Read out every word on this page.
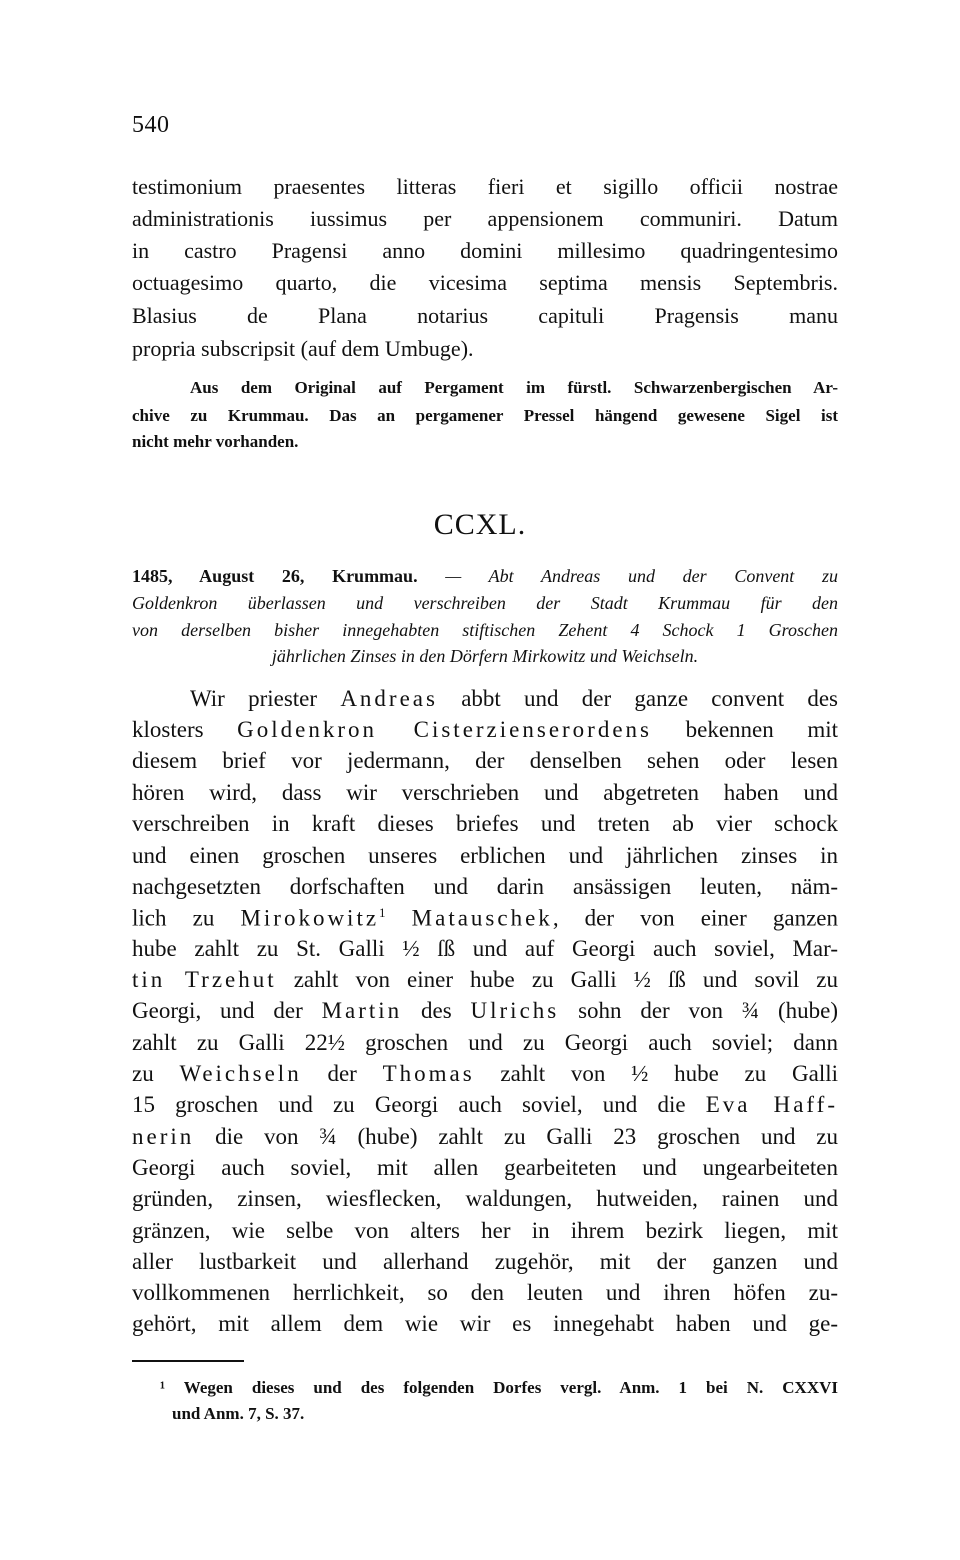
540
testimonium praesentes litteras fieri et sigillo officii nostrae
administrationis iussimus per appensionem communiri. Datum
in castro Pragensi anno domini millesimo quadringentesimo
octuagesimo quarto, die vicesima septima mensis Septembris.
Blasius de Plana notarius capituli Pragensis manu
propria subscripsit (auf dem Umbuge).
Aus dem Original auf Pergament im fürstl. Schwarzenbergischen Ar-
chive zu Krummau. Das an pergamener Pressel hängend gewesene Sigel ist
nicht mehr vorhanden.
CCXL.
1485, August 26, Krummau. — Abt Andreas und der Convent zu
Goldenkron überlassen und verschreiben der Stadt Krummau für den
von derselben bisher innegehabten stiftischen Zehent 4 Schock 1 Groschen
jährlichen Zinses in den Dörfern Mirkowitz und Weichseln.
Wir priester Andreas abbt und der ganze convent des
klosters Goldenkron Cisterzienserordens bekennen mit
diesem brief vor jedermann, der denselben sehen oder lesen
hören wird, dass wir verschrieben und abgetreten haben und
verschreiben in kraft dieses briefes und treten ab vier schock
und einen groschen unseres erblichen und jährlichen zinses in
nachgesetzten dorfschaften und darin ansässigen leuten, näm-
lich zu Mirokowitz$^1$ Matauschek, der von einer ganzen
hube zahlt zu St. Galli ½ ſß und auf Georgi auch soviel, Mar-
tin Trzehut zahlt von einer hube zu Galli ½ ſß und sovil zu
Georgi, und der Martin des Ulrichs sohn der von ¾ (hube)
zahlt zu Galli 22½ groschen und zu Georgi auch soviel; dann
zu Weichseln der Thomas zahlt von ½ hube zu Galli
15 groschen und zu Georgi auch soviel, und die Eva Haff-
nerin die von ¾ (hube) zahlt zu Galli 23 groschen und zu
Georgi auch soviel, mit allen gearbeiteten und ungearbeiteten
gründen, zinsen, wiesflecken, waldungen, hutweiden, rainen und
gränzen, wie selbe von alters her in ihrem bezirk liegen, mit
aller lustbarkeit und allerhand zugehör, mit der ganzen und
vollkommenen herrlichkeit, so den leuten und ihren höfen zu-
gehört, mit allem dem wie wir es innegehabt haben und ge-
¹ Wegen dieses und des folgenden Dorfes vergl. Anm. 1 bei N. CXXVI
und Anm. 7, S. 37.
